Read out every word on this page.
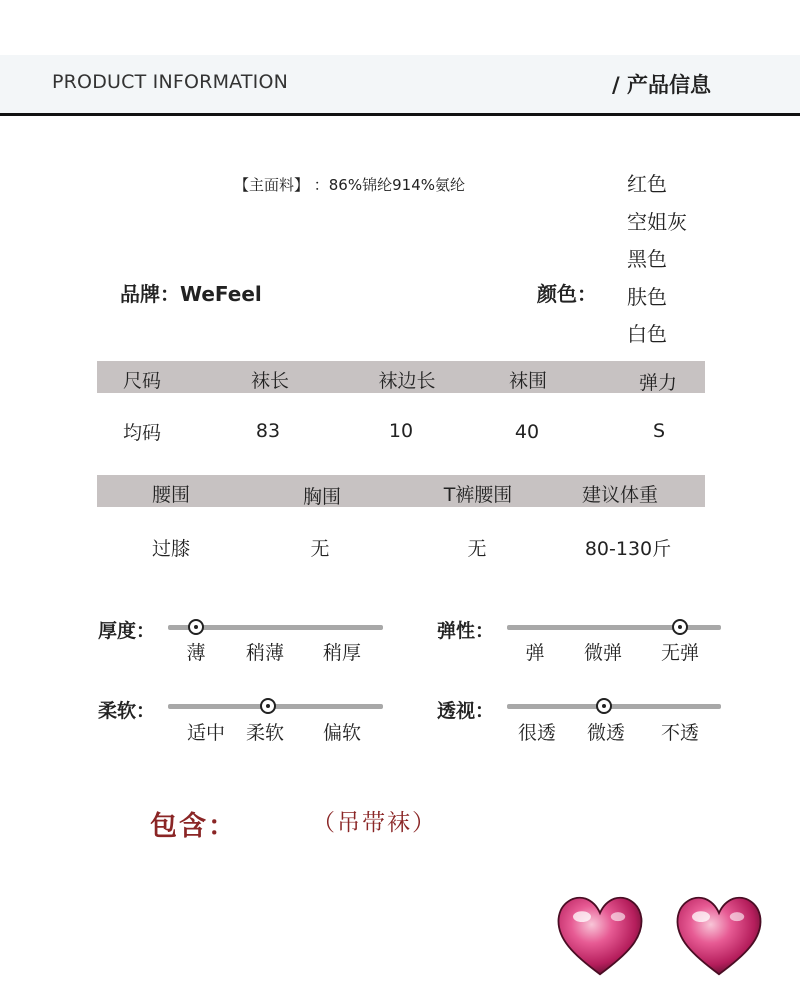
PRODUCT INFORMATION	/ 产品信息
【主面料】 ：86%锦纶914%氨纶
品牌：WeFeel	颜色：
红色
空姐灰
黑色
肤色
白色
尺码	袜长	袜边长	袜围	弹力
均码	83	10	40	S
腰围	胸围	T裤腰围	建议体重
过膝	无	无	80-130斤
厚度：
薄 稍薄 稍厚
弹性：
弹 微弹 无弹
柔软：
适中 柔软 偏软
透视：
很透 微透 不透
包含：	（吊带袜）
